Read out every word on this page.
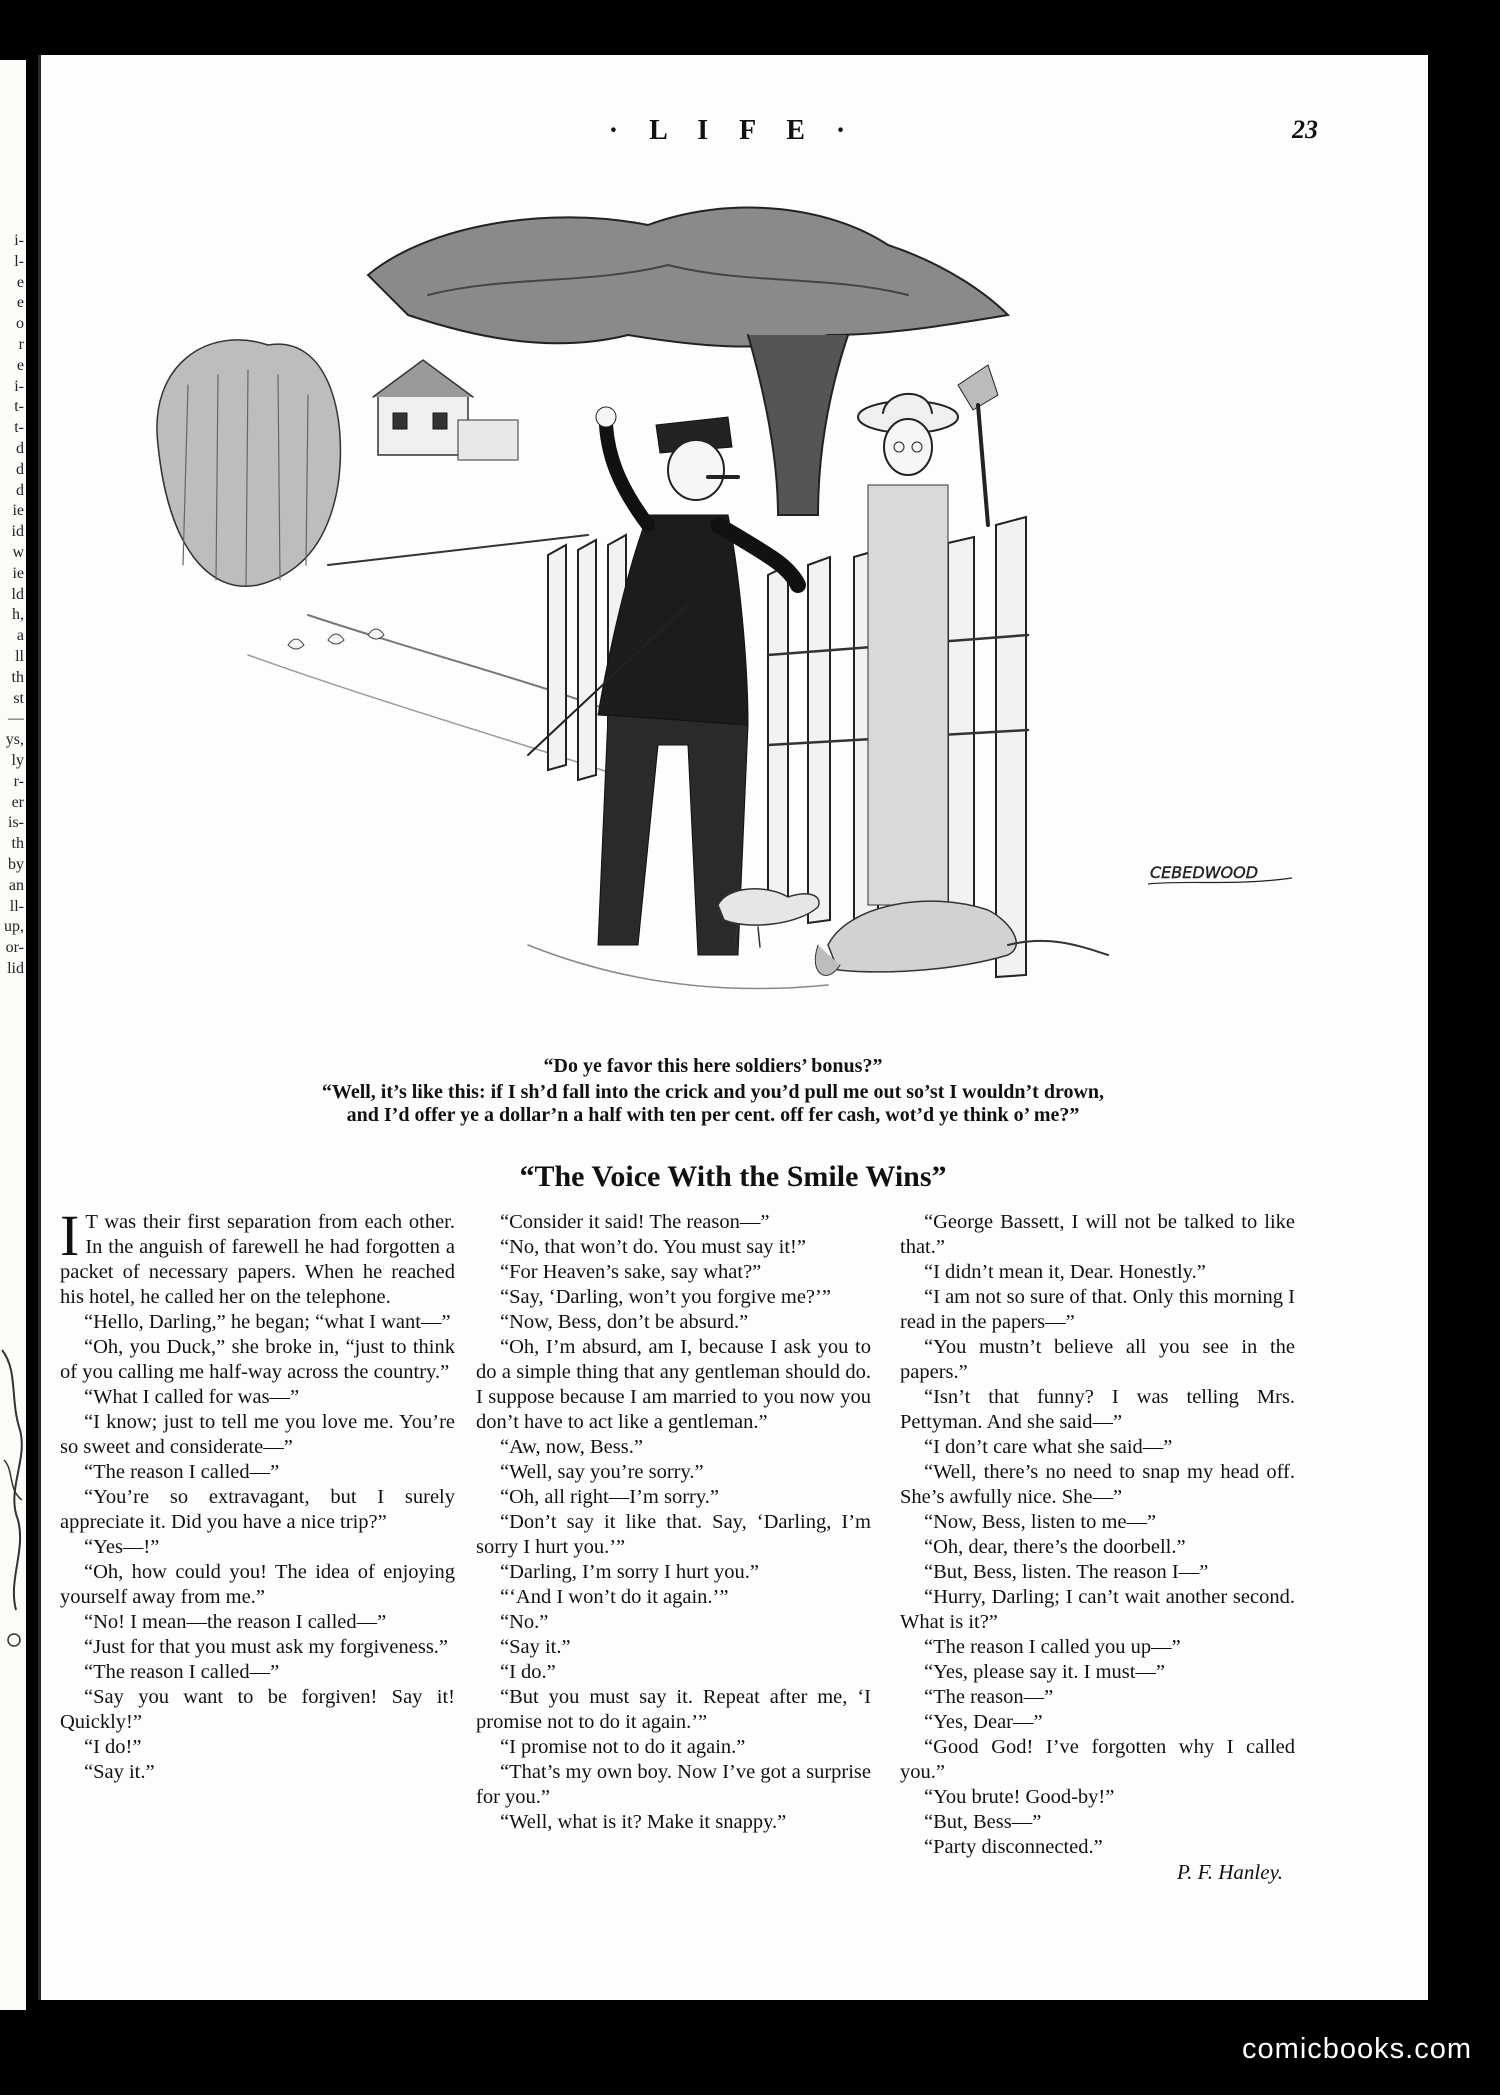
i-
l-
e
e
o
r
e
i-
t-
t-
d
d
d
ie
id
w
ie
ld
h,
a
ll
th
st
—
ys,
ly
r-
er
is-
th
by
an
ll-
up,
or-
lid
· L I F E ·	23
CEBEDWOOD
“Do ye favor this here soldiers’ bonus?”
“Well, it’s like this: if I sh’d fall into the crick and you’d pull me out so’st I wouldn’t drown,
and I’d offer ye a dollar’n a half with ten per cent. off fer cash, wot’d ye think o’ me?”
“The Voice With the Smile Wins”

I T was their first separation from each other. In the anguish of farewell he had forgotten a packet of necessary papers. When he reached his hotel, he called her on the telephone.

“Hello, Darling,” he began; “what I want—”

“Oh, you Duck,” she broke in, “just to think of you calling me half-way across the country.”

“What I called for was—”

“I know; just to tell me you love me. You’re so sweet and considerate—”

“The reason I called—”

“You’re so extravagant, but I surely appreciate it. Did you have a nice trip?”

“Yes—!”

“Oh, how could you! The idea of enjoying yourself away from me.”

“No! I mean—the reason I called—”

“Just for that you must ask my forgiveness.”

“The reason I called—”

“Say you want to be forgiven! Say it! Quickly!”

“I do!”

“Say it.”

“Consider it said! The reason—”

“No, that won’t do. You must say it!”

“For Heaven’s sake, say what?”

“Say, ‘Darling, won’t you forgive me?’”

“Now, Bess, don’t be absurd.”

“Oh, I’m absurd, am I, because I ask you to do a simple thing that any gentleman should do. I suppose because I am married to you now you don’t have to act like a gentleman.”

“Aw, now, Bess.”

“Well, say you’re sorry.”

“Oh, all right—I’m sorry.”

“Don’t say it like that. Say, ‘Darling, I’m sorry I hurt you.’”

“Darling, I’m sorry I hurt you.”

“‘And I won’t do it again.’”

“No.”

“Say it.”

“I do.”

“But you must say it. Repeat after me, ‘I promise not to do it again.’”

“I promise not to do it again.”

“That’s my own boy. Now I’ve got a surprise for you.”

“Well, what is it? Make it snappy.”

“George Bassett, I will not be talked to like that.”

“I didn’t mean it, Dear. Honestly.”

“I am not so sure of that. Only this morning I read in the papers—”

“You mustn’t believe all you see in the papers.”

“Isn’t that funny? I was telling Mrs. Pettyman. And she said—”

“I don’t care what she said—”

“Well, there’s no need to snap my head off. She’s awfully nice. She—”

“Now, Bess, listen to me—”

“Oh, dear, there’s the doorbell.”

“But, Bess, listen. The reason I—”

“Hurry, Darling; I can’t wait another second. What is it?”

“The reason I called you up—”

“Yes, please say it. I must—”

“The reason—”

“Yes, Dear—”

“Good God! I’ve forgotten why I called you.”

“You brute! Good-by!”

“But, Bess—”

“Party disconnected.”

P. F. Hanley.
comicbooks.com
